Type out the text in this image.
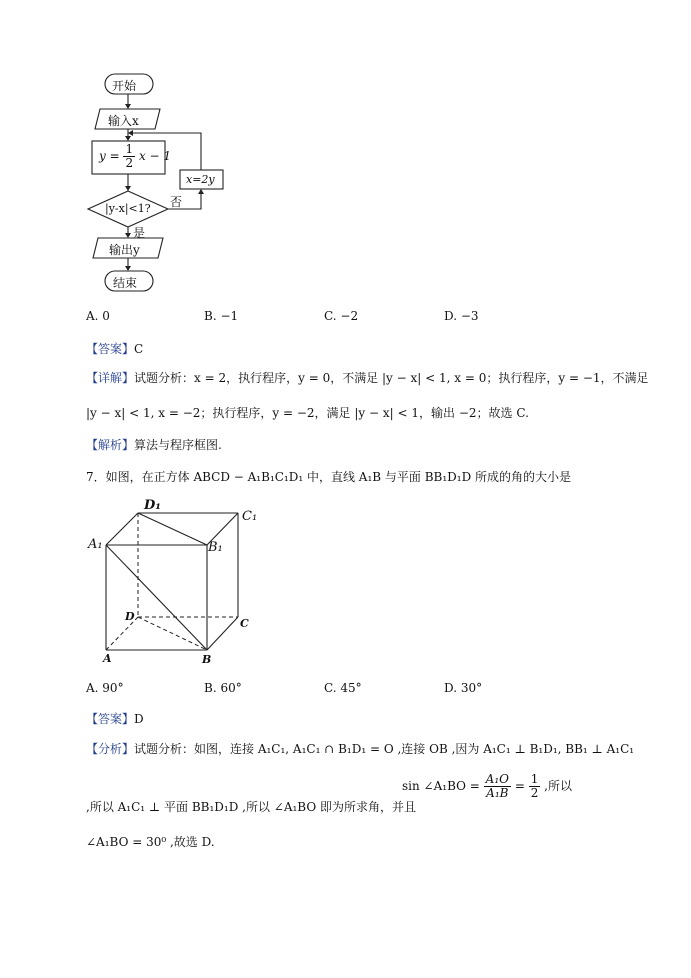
开始
输入x
$y = \frac{1}{2}$ x − 1
x=2y
|y-x|<1? 否
是
输出y
结束
A. 0	B. −1	C. −2	D. −3
【答案】C
【详解】试题分析：x = 2，执行程序，y = 0，不满足 |y − x| < 1, x = 0；执行程序，y = −1，不满足
|y − x| < 1, x = −2；执行程序，y = −2，满足 |y − x| < 1，输出 −2；故选 C.
【解析】算法与程序框图.
7．如图，在正方体 ABCD − A₁B₁C₁D₁ 中，直线 A₁B 与平面 BB₁D₁D 所成的角的大小是
D₁
C₁
A₁	B₁
D
C
A	B
A. 90°	B. 60°	C. 45°	D. 30°
【答案】D
【分析】试题分析：如图，连接 A₁C₁, A₁C₁ ∩ B₁D₁ = O ,连接 OB ,因为 A₁C₁ ⊥ B₁D₁, BB₁ ⊥ A₁C₁
,所以 A₁C₁ ⊥ 平面 BB₁D₁D ,所以 ∠A₁BO 即为所求角，并且
sin ∠A₁BO = $\frac{\text{A₁O}}{\text{A₁B}} = \frac{1}{2}$ ,所以
∠A₁BO = 30⁰ ,故选 D.
